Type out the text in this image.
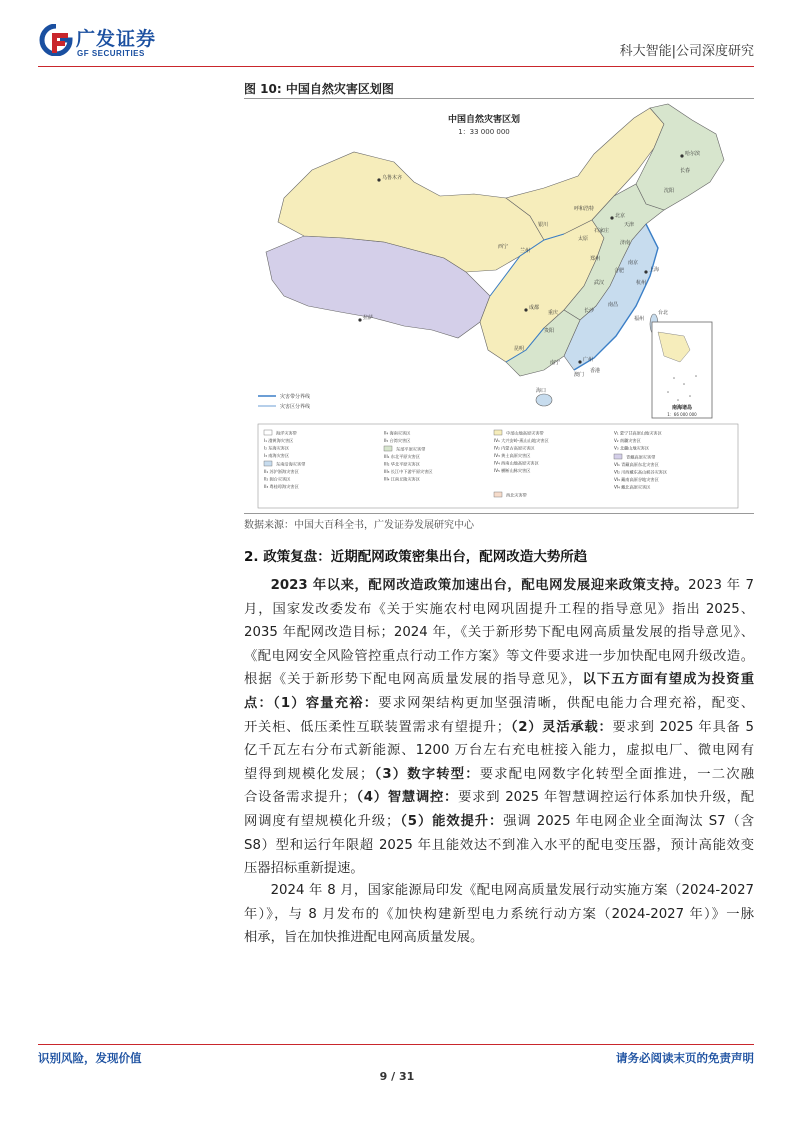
广发证券
GF SECURITIES	科大智能|公司深度研究
图 10: 中国自然灾害区划图
中国自然灾害区划
1：33 000 000
乌鲁木齐
哈尔滨
长春
沈阳
北京
天津
呼和浩特
石家庄
太原
济南
银川
兰州
西宁
郑州
南京
上海
合肥
武汉	杭州
成都
重庆	长沙
南昌
福州
台北
贵阳
昆明
广州
南宁
香港
澳门
海口
拉萨
灾害带分界线
灾害区分界线	南海诸岛
1：66 000 000
海洋灾害带
I₁ 渤黄海灾害区
I₂ 东海灾害区
I₃ 南海灾害区
东南沿海灾害带
II₁ 苏沪浙海灾害区
II₂ 闽台灾害区
II₃ 粤桂琼海灾害区
II₄ 海南灾害区
II₅ 台湾灾害区
东部平原灾害带
III₁ 东北平原灾害区
III₂ 华北平原灾害区
III₃ 长江中下游平原灾害区
III₄ 江南丘陵灾害区
中部山地高原灾害带
IV₁ 大兴安岭-燕山山地灾害区
IV₂ 内蒙古高原灾害区
IV₃ 黄土高原灾害区
IV₄ 西南山地高原灾害区
IV₅ 横断山脉灾害区
西北灾害带
V₁ 蒙宁甘高原山地灾害区
V₂ 南疆灾害区
V₃ 北疆山地灾害区
青藏高原灾害带
VI₁ 青藏高原东北灾害区
VI₂ 川西藏东高山峡谷灾害区
VI₃ 藏南高原谷地灾害区
VI₄ 藏北高原灾害区
数据来源：中国大百科全书，广发证券发展研究中心
2. 政策复盘：近期配网政策密集出台，配网改造大势所趋
  2023 年以来，配网改造政策加速出台，配电网发展迎来政策支持。2023 年 7
月，国家发改委发布《关于实施农村电网巩固提升工程的指导意见》指出 2025、
2035 年配网改造目标；2024 年，《关于新形势下配电网高质量发展的指导意见》、
《配电网安全风险管控重点行动工作方案》等文件要求进一步加快配电网升级改造。
根据《关于新形势下配电网高质量发展的指导意见》，以下五方面有望成为投资重
点：（1）容量充裕：要求网架结构更加坚强清晰，供配电能力合理充裕，配变、
开关柜、低压柔性互联装置需求有望提升；（2）灵活承载：要求到 2025 年具备 5
亿千瓦左右分布式新能源、1200 万台左右充电桩接入能力，虚拟电厂、微电网有
望得到规模化发展；（3）数字转型：要求配电网数字化转型全面推进，一二次融
合设备需求提升；（4）智慧调控：要求到 2025 年智慧调控运行体系加快升级，配
网调度有望规模化升级；（5）能效提升：强调 2025 年电网企业全面淘汰 S7（含
S8）型和运行年限超 2025 年且能效达不到准入水平的配电变压器，预计高能效变
压器招标重新提速。
  2024 年 8 月，国家能源局印发《配电网高质量发展行动实施方案（2024-2027
年）》，与 8 月发布的《加快构建新型电力系统行动方案（2024-2027 年）》一脉
相承，旨在加快推进配电网高质量发展。
识别风险，发现价值	请务必阅读末页的免责声明
9 / 31
